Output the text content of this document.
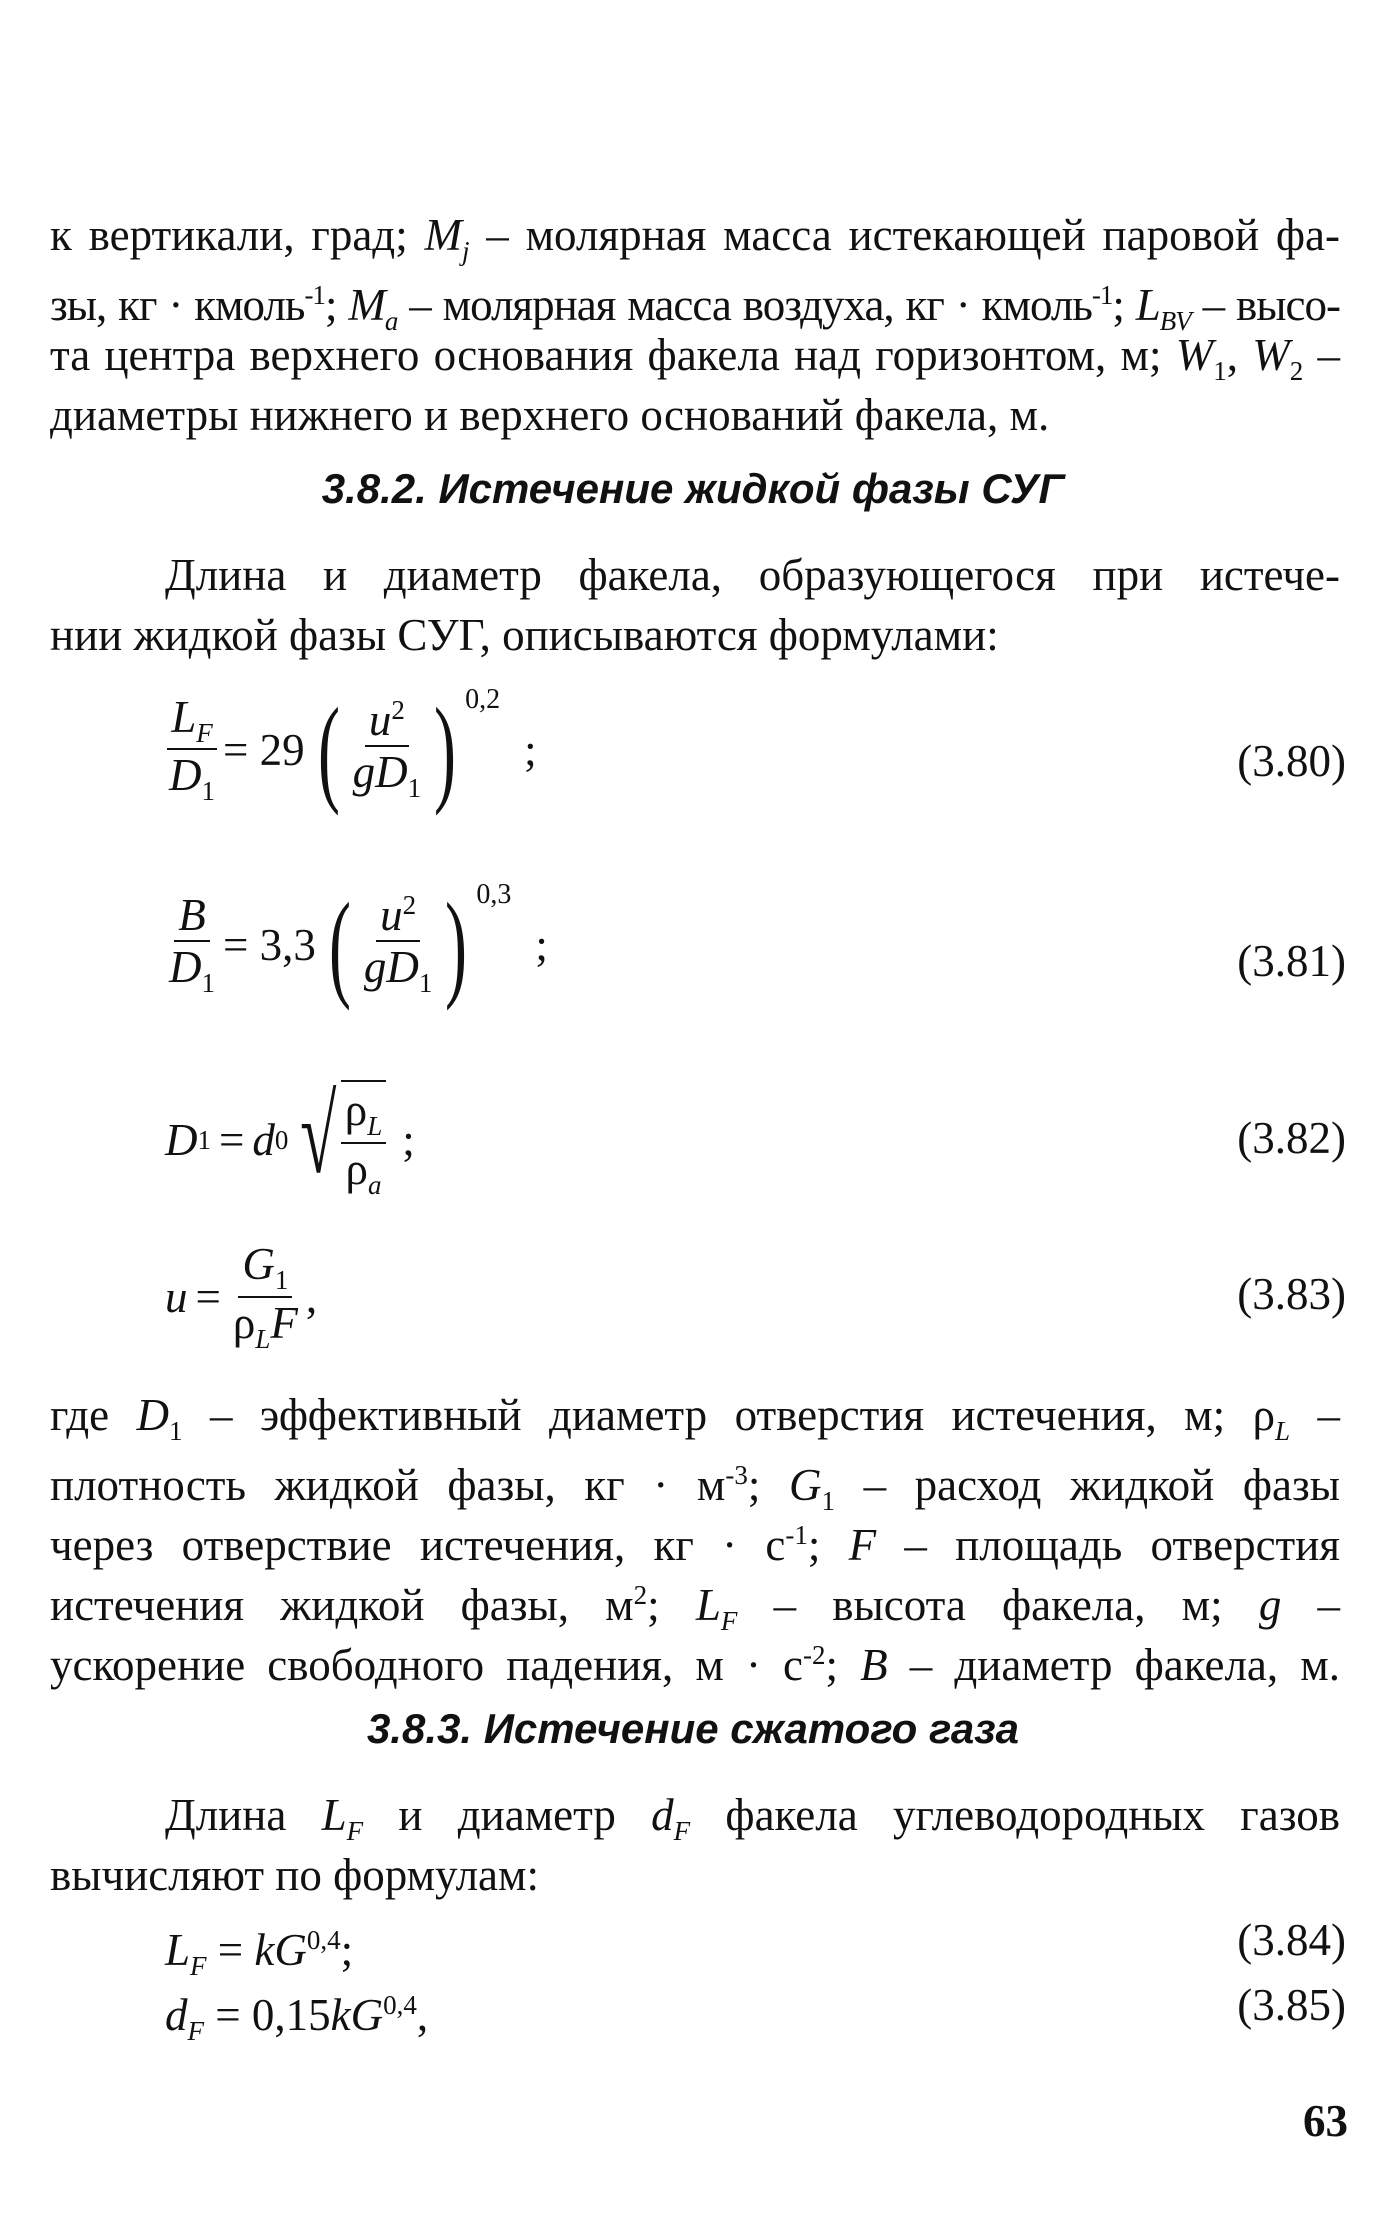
к вертикали, град; $M_j$ – молярная масса истекающей паровой фа-
зы, кг · кмоль$^{-1}$; $M_a$ – молярная масса воздуха, кг · кмоль$^{-1}$; $L_{BV}$ – высо-
та центра верхнего основания факела над горизонтом, м; $W_1$, $W_2$ –
диаметры нижнего и верхнего оснований факела, м.
3.8.2. Истечение жидкой фазы СУГ
Длина и диаметр факела, образующегося при истече-
нии жидкой фазы СУГ, описываются формулами:
$\frac{L_F}{D_1} = 29$ ( $\frac{u^2}{gD_1}$ ) 0,2
;	(3.80)
$\frac{B}{D_1} = 3,3$ ( $\frac{u^2}{gD_1}$ ) 0,3
;	(3.81)
D 1 = d 0 √ $\frac{\rho_L}{\rho_a}$ ;	(3.82)
$u = \frac{G_1}{\rho_LF}$ ,	(3.83)
где $D_1$ – эффективный диаметр отверстия истечения, м; $\rho_L$ –
плотность жидкой фазы, кг · $м^{-3}$; $G_1$ – расход жидкой фазы
через отверствие истечения, кг · $с^{-1}$; F – площадь отверстия
истечения жидкой фазы, $м^2$; $L_F$ – высота факела, м; g –
ускорение свободного падения, $м \cdot с^{-2}$; B – диаметр факела, м.
3.8.3. Истечение сжатого газа
Длина $L_F$ и диаметр $d_F$ факела углеводородных газов
вычисляют по формулам:
$L_F = kG^{0,4}$;	(3.84)
$d_F = 0,15kG^{0,4}$,	(3.85)
63
